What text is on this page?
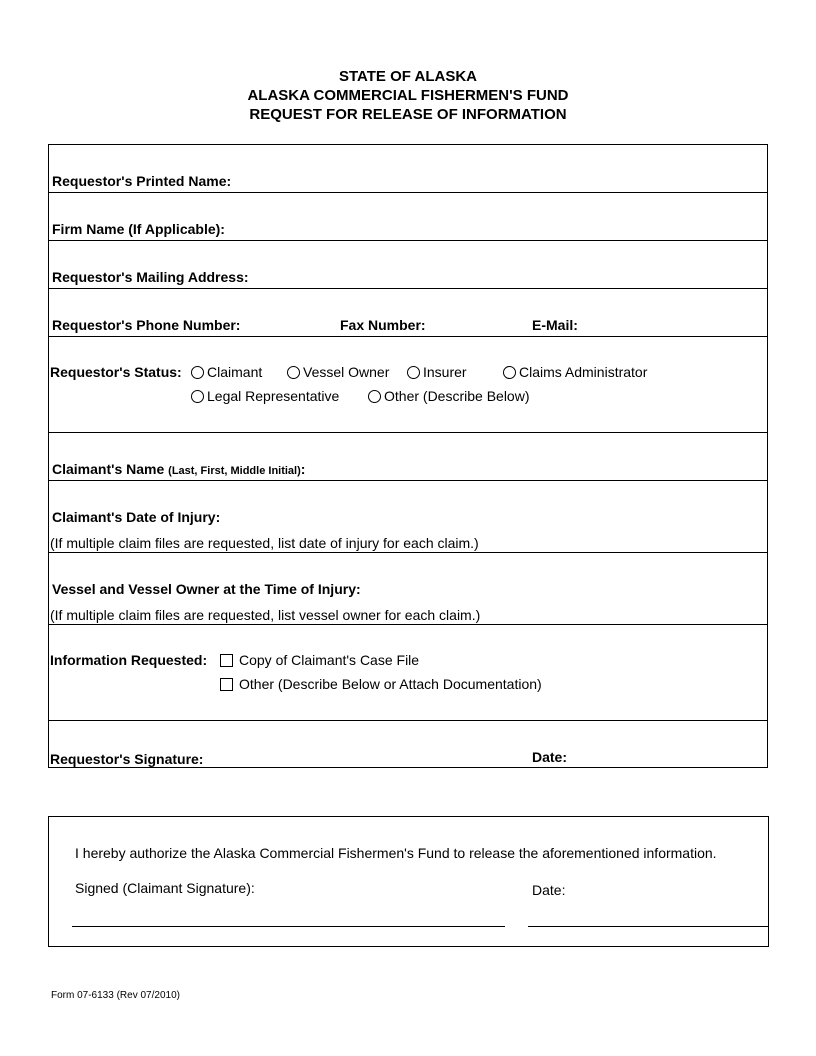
STATE OF ALASKA
ALASKA COMMERCIAL FISHERMEN'S FUND
REQUEST FOR RELEASE OF INFORMATION
Requestor's Printed Name:
Firm Name (If Applicable):
Requestor's Mailing Address:
Requestor's Phone Number:	Fax Number:	E-Mail:
Requestor's Status: Claimant	Vessel Owner Insurer	Claims Administrator
Legal Representative	Other (Describe Below)
Claimant's Name (Last, First, Middle Initial):
Claimant's Date of Injury:
(If multiple claim files are requested, list date of injury for each claim.)
Vessel and Vessel Owner at the Time of Injury:
(If multiple claim files are requested, list vessel owner for each claim.)
Information Requested: Copy of Claimant's Case File
Other (Describe Below or Attach Documentation)
Requestor's Signature:	Date:
I hereby authorize the Alaska Commercial Fishermen's Fund to release the aforementioned information.
Signed (Claimant Signature):	Date:
Form 07-6133 (Rev 07/2010)
